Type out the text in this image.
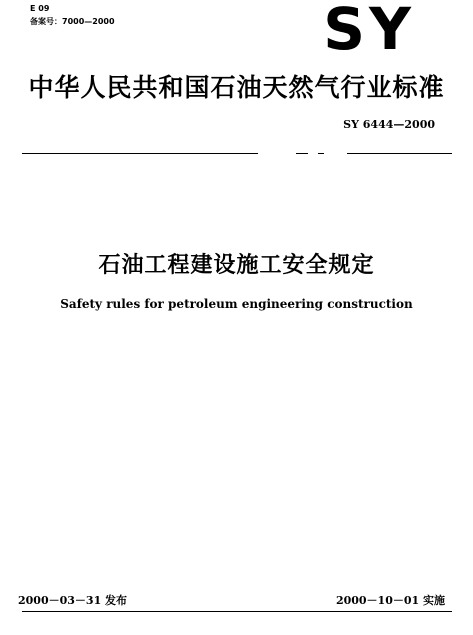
E 09
备案号：7000—2000	SY
中华人民共和国石油天然气行业标准
SY 6444—2000
石油工程建设施工安全规定
Safety rules for petroleum engineering construction
2000－03－31 发布	2000－10－01 实施
